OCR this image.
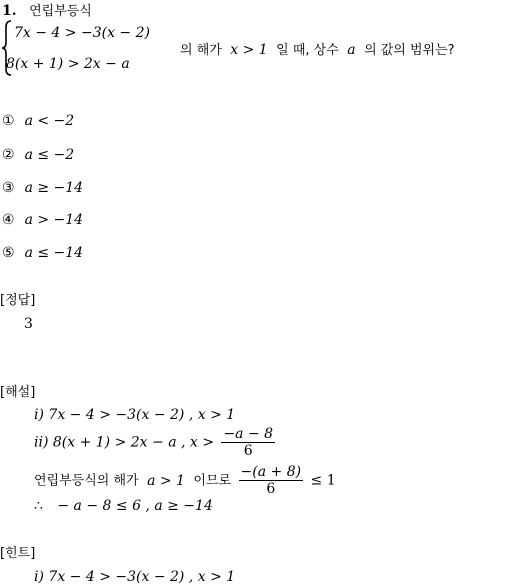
1. 연립부등식
7x − 4 > −3(x − 2)
8(x + 1) > 2x − a
의 해가 x > 1 일 때, 상수 a 의 값의 범위는?
① a < −2
② a ≤ −2
③ a ≥ −14
④ a > −14
⑤ a ≤ −14
[정답]
3
[해설]
i) 7x − 4 > −3(x − 2) , x > 1
ii) 8(x + 1) > 2x − a , $x > \frac{-a - 8}{6}$
연립부등식의 해가 a > 1 이므로 $\frac{-(a + 8)}{6} \le 1$
∴ − a − 8 ≤ 6 , a ≥ −14
[힌트]
i) 7x − 4 > −3(x − 2) , x > 1
